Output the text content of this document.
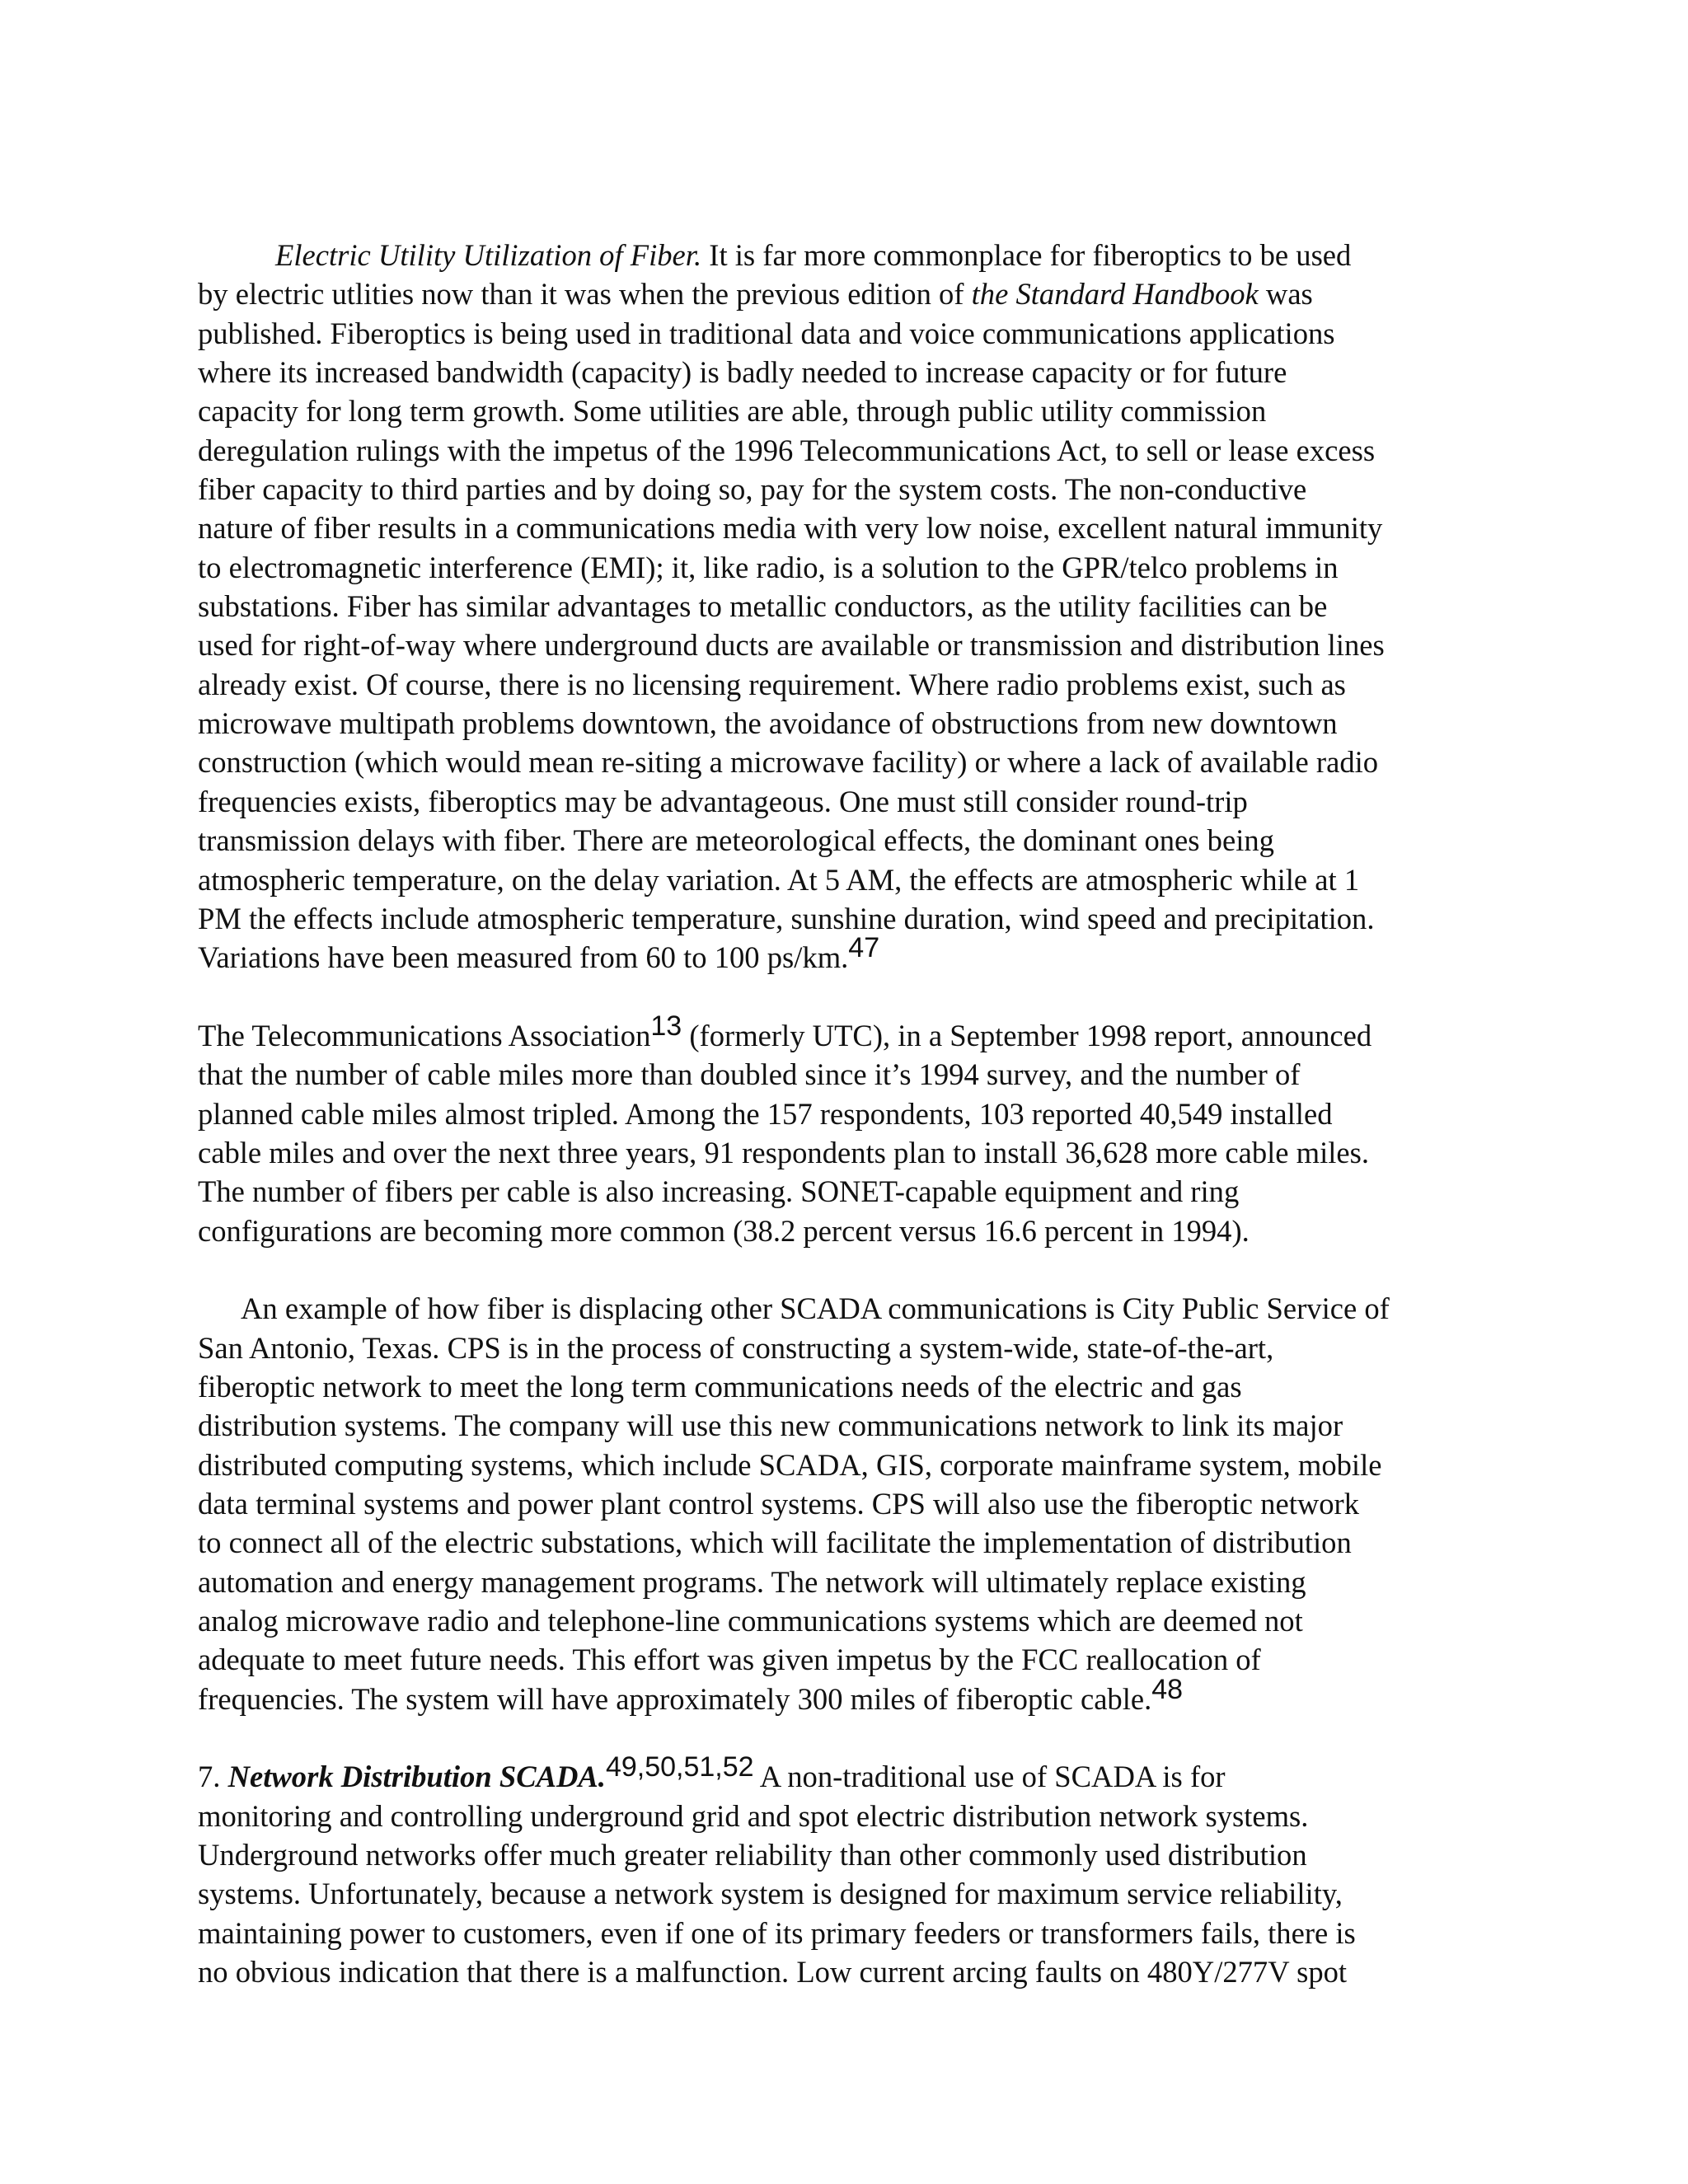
Electric Utility Utilization of Fiber. It is far more commonplace for fiberoptics to be used
by electric utlities now than it was when the previous edition of the Standard Handbook was
published. Fiberoptics is being used in traditional data and voice communications applications
where its increased bandwidth (capacity) is badly needed to increase capacity or for future
capacity for long term growth. Some utilities are able, through public utility commission
deregulation rulings with the impetus of the 1996 Telecommunications Act, to sell or lease excess
fiber capacity to third parties and by doing so, pay for the system costs. The non-conductive
nature of fiber results in a communications media with very low noise, excellent natural immunity
to electromagnetic interference (EMI); it, like radio, is a solution to the GPR/telco problems in
substations. Fiber has similar advantages to metallic conductors, as the utility facilities can be
used for right-of-way where underground ducts are available or transmission and distribution lines
already exist. Of course, there is no licensing requirement. Where radio problems exist, such as
microwave multipath problems downtown, the avoidance of obstructions from new downtown
construction (which would mean re-siting a microwave facility) or where a lack of available radio
frequencies exists, fiberoptics may be advantageous. One must still consider round-trip
transmission delays with fiber. There are meteorological effects, the dominant ones being
atmospheric temperature, on the delay variation. At 5 AM, the effects are atmospheric while at 1
PM the effects include atmospheric temperature, sunshine duration, wind speed and precipitation.
Variations have been measured from 60 to 100 ps/km.47
The Telecommunications Association13 (formerly UTC), in a September 1998 report, announced
that the number of cable miles more than doubled since it’s 1994 survey, and the number of
planned cable miles almost tripled. Among the 157 respondents, 103 reported 40,549 installed
cable miles and over the next three years, 91 respondents plan to install 36,628 more cable miles.
The number of fibers per cable is also increasing. SONET-capable equipment and ring
configurations are becoming more common (38.2 percent versus 16.6 percent in 1994).
An example of how fiber is displacing other SCADA communications is City Public Service of
San Antonio, Texas. CPS is in the process of constructing a system-wide, state-of-the-art,
fiberoptic network to meet the long term communications needs of the electric and gas
distribution systems. The company will use this new communications network to link its major
distributed computing systems, which include SCADA, GIS, corporate mainframe system, mobile
data terminal systems and power plant control systems. CPS will also use the fiberoptic network
to connect all of the electric substations, which will facilitate the implementation of distribution
automation and energy management programs. The network will ultimately replace existing
analog microwave radio and telephone-line communications systems which are deemed not
adequate to meet future needs. This effort was given impetus by the FCC reallocation of
frequencies. The system will have approximately 300 miles of fiberoptic cable.48
7. Network Distribution SCADA.49,50,51,52 A non-traditional use of SCADA is for
monitoring and controlling underground grid and spot electric distribution network systems.
Underground networks offer much greater reliability than other commonly used distribution
systems. Unfortunately, because a network system is designed for maximum service reliability,
maintaining power to customers, even if one of its primary feeders or transformers fails, there is
no obvious indication that there is a malfunction. Low current arcing faults on 480Y/277V spot
